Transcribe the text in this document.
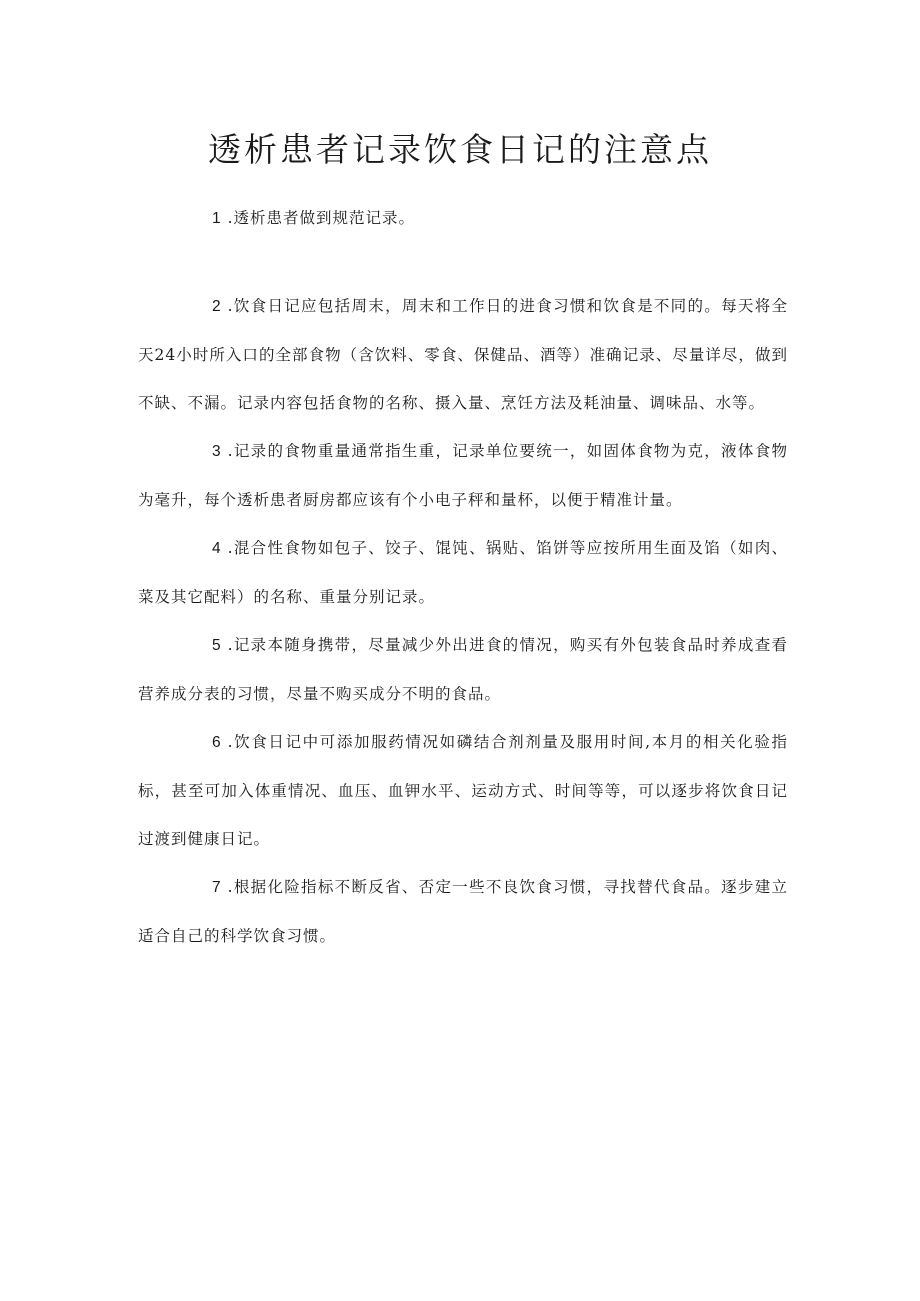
透析患者记录饮食日记的注意点

1 .透析患者做到规范记录。

2 .饮食日记应包括周末，周末和工作日的进食习惯和饮食是不同的。每天将全天24小时所入口的全部食物（含饮料、零食、保健品、酒等）准确记录、尽量详尽，做到不缺、不漏。记录内容包括食物的名称、摄入量、烹饪方法及耗油量、调味品、水等。

3 .记录的食物重量通常指生重，记录单位要统一，如固体食物为克，液体食物为毫升，每个透析患者厨房都应该有个小电子秤和量杯，以便于精准计量。

4 .混合性食物如包子、饺子、馄饨、锅贴、馅饼等应按所用生面及馅（如肉、菜及其它配料）的名称、重量分别记录。

5 .记录本随身携带，尽量减少外出进食的情况，购买有外包装食品时养成查看营养成分表的习惯，尽量不购买成分不明的食品。

6 .饮食日记中可添加服药情况如磷结合剂剂量及服用时间,本月的相关化验指标，甚至可加入体重情况、血压、血钾水平、运动方式、时间等等，可以逐步将饮食日记过渡到健康日记。

7 .根据化险指标不断反省、否定一些不良饮食习惯，寻找替代食品。逐步建立适合自己的科学饮食习惯。
